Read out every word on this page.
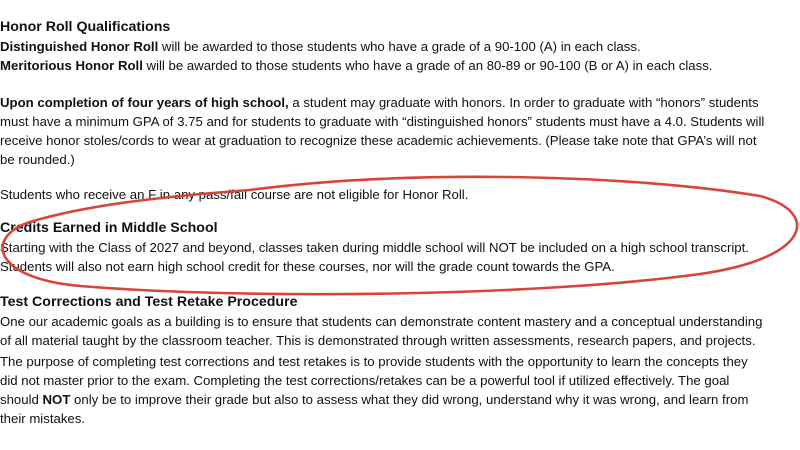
Honor Roll Qualifications
Distinguished Honor Roll will be awarded to those students who have a grade of a 90-100 (A) in each class.
Meritorious Honor Roll will be awarded to those students who have a grade of an 80-89 or 90-100 (B or A) in each class.
Upon completion of four years of high school, a student may graduate with honors. In order to graduate with “honors” students
must have a minimum GPA of 3.75 and for students to graduate with “distinguished honors” students must have a 4.0. Students will
receive honor stoles/cords to wear at graduation to recognize these academic achievements. (Please take note that GPA’s will not
be rounded.)
Students who receive an F in any pass/fail course are not eligible for Honor Roll.
Credits Earned in Middle School
Starting with the Class of 2027 and beyond, classes taken during middle school will NOT be included on a high school transcript.
Students will also not earn high school credit for these courses, nor will the grade count towards the GPA.
Test Corrections and Test Retake Procedure
One our academic goals as a building is to ensure that students can demonstrate content mastery and a conceptual understanding
of all material taught by the classroom teacher. This is demonstrated through written assessments, research papers, and projects.
The purpose of completing test corrections and test retakes is to provide students with the opportunity to learn the concepts they
did not master prior to the exam. Completing the test corrections/retakes can be a powerful tool if utilized effectively. The goal
should NOT only be to improve their grade but also to assess what they did wrong, understand why it was wrong, and learn from
their mistakes.
